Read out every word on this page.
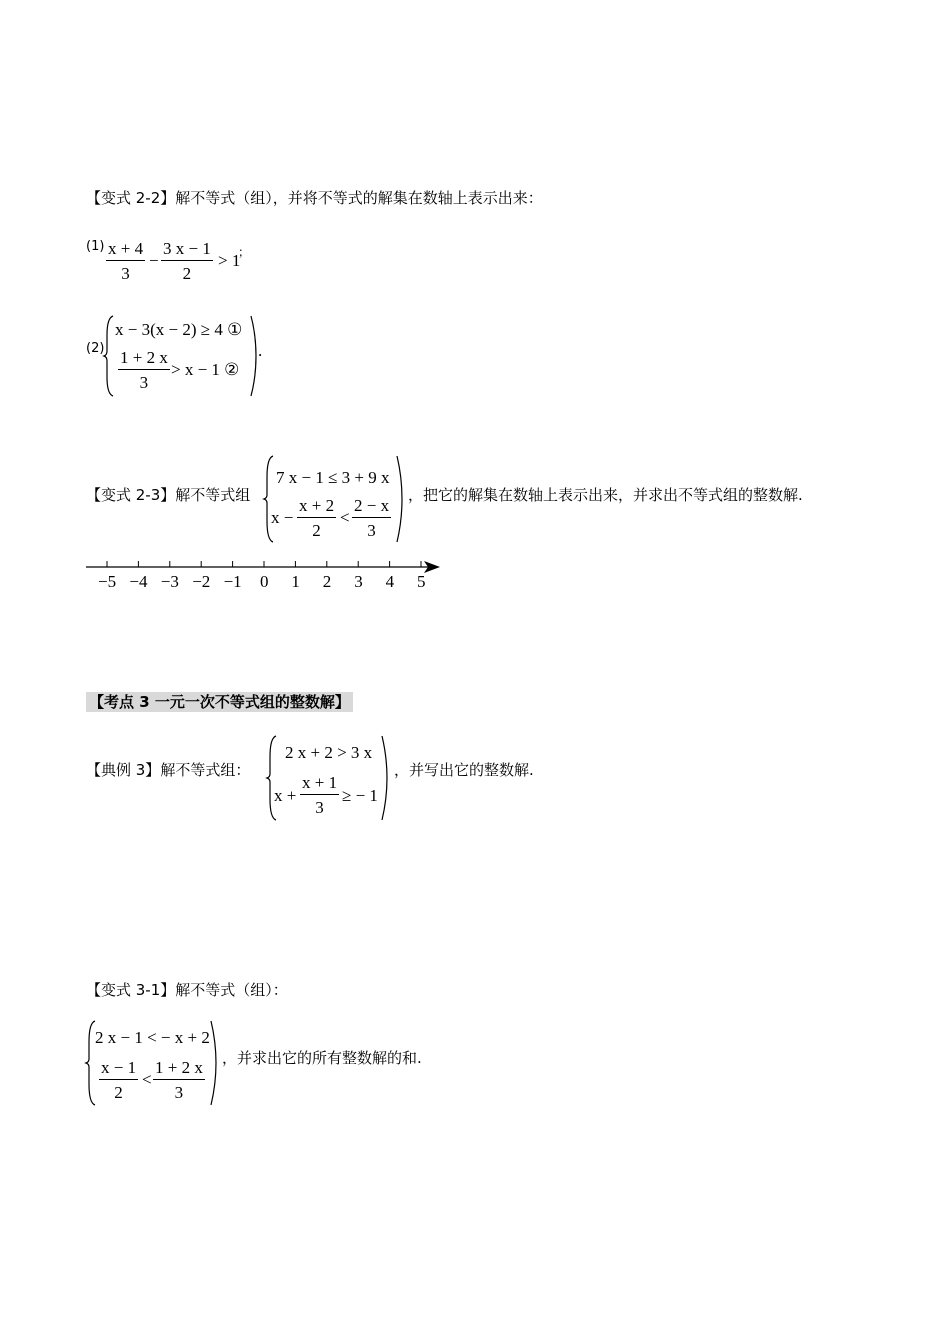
【变式 2-2】解不等式（组），并将不等式的解集在数轴上表示出来：
$(1) \frac{x + 4}{3} - \frac{3 x - 1}{2} > 1$
；
(2)
x − 3(x − 2) ≥ 4 ①
$\frac{1 + 2 x}{3} > x - 1$ ②
.
【变式 2-3】解不等式组
7 x − 1 ≤ 3 + 9 x
$x - \frac{x + 2}{2} < \frac{2 - x}{3}$
，把它的解集在数轴上表示出来，并求出不等式组的整数解.
−5 −4 −3 −2 −1 0 1 2 3 4 5
【考点 3 一元一次不等式组的整数解】
【典例 3】解不等式组：
2 x + 2 > 3 x
$x + \frac{x + 1}{3}$ ≥ − 1
，并写出它的整数解.
【变式 3-1】解不等式（组）：
2 x − 1 < − x + 2
$\frac{x - 1}{2} < \frac{1 + 2 x}{3}$
，并求出它的所有整数解的和.
